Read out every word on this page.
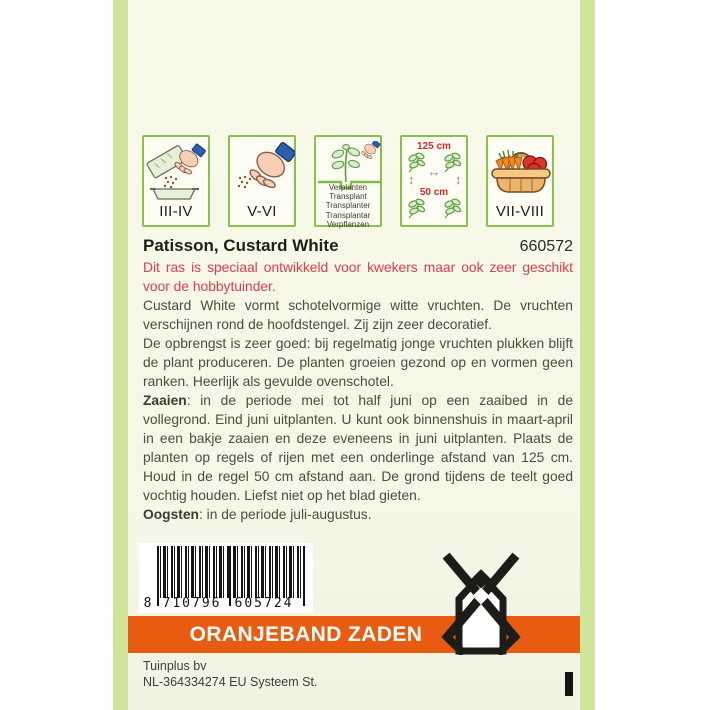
III-IV	V-VI
Verplanten
Transplant
Transplanter
Transplantar
Verpflanzen
125 cm
↔
↕	↕
50 cm
VII-VIII
Patisson, Custard White	660572

Dit ras is speciaal ontwikkeld voor kwekers maar ook zeer geschikt voor de hobbytuinder.

Custard White vormt schotelvormige witte vruchten. De vruchten verschijnen rond de hoofdstengel. Zij zijn zeer decoratief.

De opbrengst is zeer goed: bij regelmatig jonge vruchten plukken blijft de plant produceren. De planten groeien gezond op en vormen geen ranken. Heerlijk als gevulde ovenschotel.

Zaaien: in de periode mei tot half juni op een zaaibed in de vollegrond. Eind juni uitplanten. U kunt ook binnenshuis in maart-april in een bakje zaaien en deze eveneens in juni uitplanten. Plaats de planten op regels of rijen met een onderlinge afstand van 125 cm. Houd in de regel 50 cm afstand aan. De grond tijdens de teelt goed vochtig houden. Liefst niet op het blad gieten.

Oogsten: in de periode juli-augustus.

8 710796	605724
ORANJEBAND ZADEN
Tuinplus bv
NL-364334274 EU Systeem St.
